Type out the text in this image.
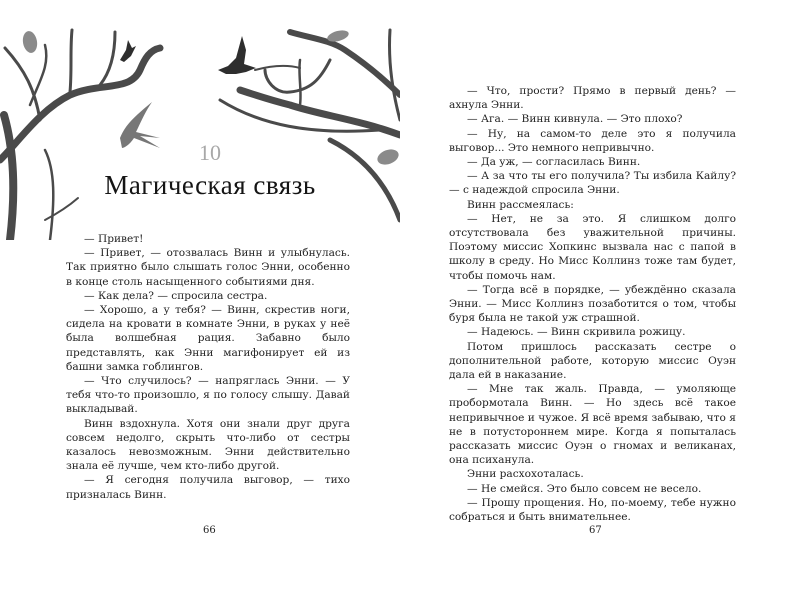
10
Магическая связь

— Привет!

— Привет, — отозвалась Винн и улыбнулась. Так приятно было слышать голос Энни, особенно в конце столь насыщенного событиями дня.

— Как дела? — спросила сестра.

— Хорошо, а у тебя? — Винн, скрестив ноги, сидела на кровати в комнате Энни, в руках у неё была волшебная рация. Забавно было представлять, как Энни магифонирует ей из башни замка гоблингов.

— Что случилось? — напряглась Энни. — У тебя что-то произошло, я по голосу слышу. Давай выкладывай.

Винн вздохнула. Хотя они знали друг друга совсем недолго, скрыть что-либо от сестры казалось невозможным. Энни действительно знала её лучше, чем кто-либо другой.

— Я сегодня получила выговор, — тихо призналась Винн.

66

— Что, прости? Прямо в первый день? — ахнула Энни.

— Ага. — Винн кивнула. — Это плохо?

— Ну, на самом-то деле это я получила выговор... Это немного непривычно.

— Да уж, — согласилась Винн.

— А за что ты его получила? Ты избила Кайлу? — с надеждой спросила Энни.

Винн рассмеялась:

— Нет, не за это. Я слишком долго отсутствовала без уважительной причины. Поэтому миссис Хопкинс вызвала нас с папой в школу в среду. Но Мисс Коллинз тоже там будет, чтобы помочь нам.

— Тогда всё в порядке, — убеждённо сказала Энни. — Мисс Коллинз позаботится о том, чтобы буря была не такой уж страшной.

— Надеюсь. — Винн скривила рожицу.

Потом пришлось рассказать сестре о дополнительной работе, которую миссис Оуэн дала ей в наказание.

— Мне так жаль. Правда, — умоляюще пробормотала Винн. — Но здесь всё такое непривычное и чужое. Я всё время забываю, что я не в потустороннем мире. Когда я попыталась рассказать миссис Оуэн о гномах и великанах, она психанула.

Энни расхохоталась.

— Не смейся. Это было совсем не весело.

— Прошу прощения. Но, по-моему, тебе нужно собраться и быть внимательнее.

67
